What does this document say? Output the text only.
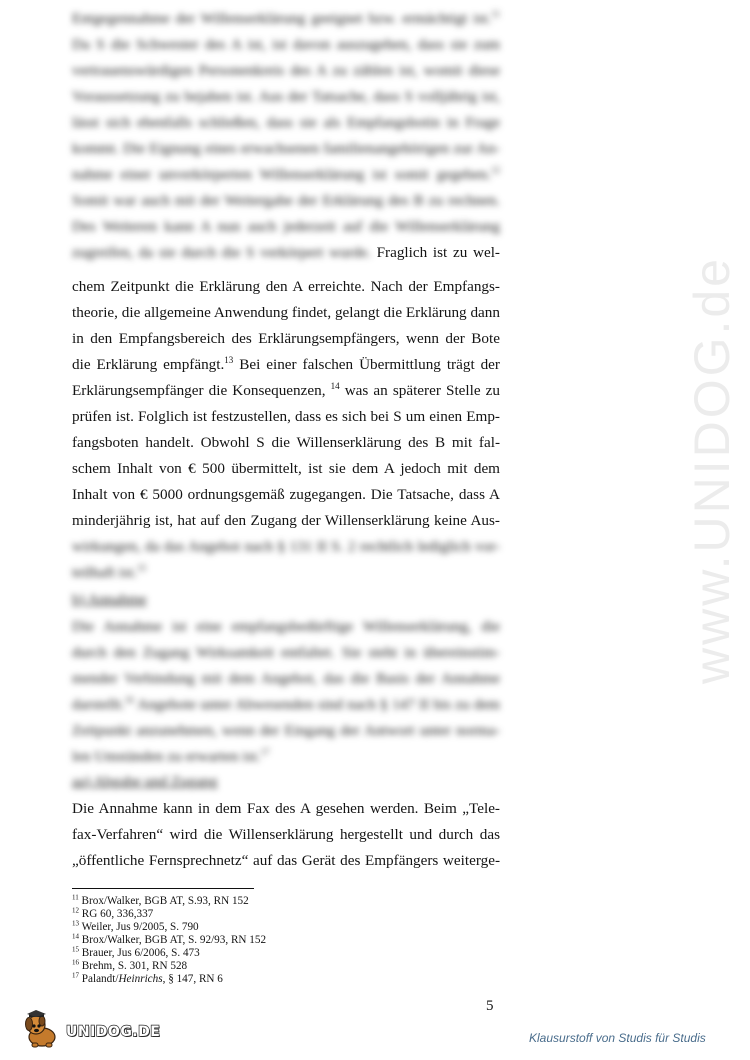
www.UNIDOG.de
Entgegennahme der Willenserklärung geeignet bzw. ermächtigt ist.$^{11}$
Da S die Schwester des A ist, ist davon auszugehen, dass sie zum
vertrauenswürdigen Personenkreis des A zu zählen ist, womit diese
Voraussetzung zu bejahen ist. Aus der Tatsache, dass S volljährig ist,
lässt sich ebenfalls schließen, dass sie als Empfangsbotin in Frage
kommt. Die Eignung eines erwachsenen familienangehörigen zur An-
nahme einer unverkörperten Willenserklärung ist somit gegeben.$^{12}$
Somit war auch mit der Weitergabe der Erklärung des B zu rechnen.
Des Weiteren kann A nun auch jederzeit auf die Willenserklärung
zugreifen, da sie durch die S verkörpert wurde. Fraglich ist zu wel-
chem Zeitpunkt die Erklärung den A erreichte. Nach der Empfangs-
theorie, die allgemeine Anwendung findet, gelangt die Erklärung dann
in den Empfangsbereich des Erklärungsempfängers, wenn der Bote
die Erklärung empfängt.$^{13}$ Bei einer falschen Übermittlung trägt der
Erklärungsempfänger die Konsequenzen, $^{14}$ was an späterer Stelle zu
prüfen ist. Folglich ist festzustellen, dass es sich bei S um einen Emp-
fangsboten handelt. Obwohl S die Willenserklärung des B mit fal-
schem Inhalt von € 500 übermittelt, ist sie dem A jedoch mit dem
Inhalt von € 5000 ordnungsgemäß zugegangen. Die Tatsache, dass A
minderjährig ist, hat auf den Zugang der Willenserklärung keine Aus-
wirkungen, da das Angebot nach § 131 II S. 2 rechtlich lediglich vor-
teilhaft ist.$^{15}$
b) Annahme
Die Annahme ist eine empfangsbedürftige Willenserklärung, die
durch den Zugang Wirksamkeit entfaltet. Sie steht in übereinstim-
mender Verbindung mit dem Angebot, das die Basis der Annahme
darstellt.$^{16}$ Angebote unter Abwesenden sind nach § 147 II bis zu dem
Zeitpunkt anzunehmen, wenn der Eingang der Antwort unter norma-
len Umständen zu erwarten ist.$^{17}$
aa) Abgabe und Zugang
Die Annahme kann in dem Fax des A gesehen werden. Beim „Tele-
fax-Verfahren“ wird die Willenserklärung hergestellt und durch das
„öffentliche Fernsprechnetz“ auf das Gerät des Empfängers weiterge-
$^{11}$ Brox/Walker, BGB AT, S.93, RN 152
$^{12}$ RG 60, 336,337
$^{13}$ Weiler, Jus 9/2005, S. 790
$^{14}$ Brox/Walker, BGB AT, S. 92/93, RN 152
$^{15}$ Brauer, Jus 6/2006, S. 473
$^{16}$ Brehm, S. 301, RN 528
$^{17}$ Palandt/Heinrichs, § 147, RN 6
5
UNIDOG.DE	Klausurstoff von Studis für Studis
